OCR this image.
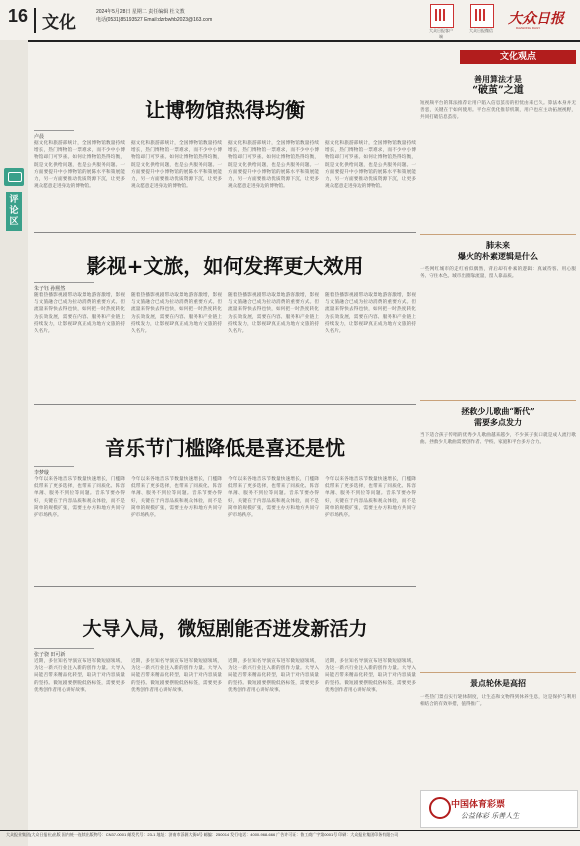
16 文化
2024年5月28日 星期二 责任编辑 杜文教
电话(0531)85193527 Email:dzrbwhb2023@163.com
大众日报客户端
大众日报微信
大众日报
DAZHONG DAILY
评论区
让博物馆热得均衡
卢晨
据文化和旅游部统计，全国博物馆数量持续增长，热门博物馆一票难求，而不少中小博物馆却门可罗雀。如何让博物馆热得均衡，既是文化供给问题，也是公共服务问题。一方面要提升中小博物馆的展陈水平和策展能力，另一方面要推动优质资源下沉，让更多观众愿意走进身边的博物馆。
据文化和旅游部统计，全国博物馆数量持续增长，热门博物馆一票难求，而不少中小博物馆却门可罗雀。如何让博物馆热得均衡，既是文化供给问题，也是公共服务问题。一方面要提升中小博物馆的展陈水平和策展能力，另一方面要推动优质资源下沉，让更多观众愿意走进身边的博物馆。
据文化和旅游部统计，全国博物馆数量持续增长，热门博物馆一票难求，而不少中小博物馆却门可罗雀。如何让博物馆热得均衡，既是文化供给问题，也是公共服务问题。一方面要提升中小博物馆的展陈水平和策展能力，另一方面要推动优质资源下沉，让更多观众愿意走进身边的博物馆。
据文化和旅游部统计，全国博物馆数量持续增长，热门博物馆一票难求，而不少中小博物馆却门可罗雀。如何让博物馆热得均衡，既是文化供给问题，也是公共服务问题。一方面要提升中小博物馆的展陈水平和策展能力，另一方面要推动优质资源下沉，让更多观众愿意走进身边的博物馆。
影视+文旅，如何发挥更大效用
朱子钰 孙熙然
随着热播影视剧带动取景地游客激增，影视与文旅融合已成为拉动消费的重要方式。但流量来得快去得也快，如何把一时热度转化为长效发展，需要在内容、服务和产业链上持续发力，让影视IP真正成为地方文旅的持久名片。
随着热播影视剧带动取景地游客激增，影视与文旅融合已成为拉动消费的重要方式。但流量来得快去得也快，如何把一时热度转化为长效发展，需要在内容、服务和产业链上持续发力，让影视IP真正成为地方文旅的持久名片。
随着热播影视剧带动取景地游客激增，影视与文旅融合已成为拉动消费的重要方式。但流量来得快去得也快，如何把一时热度转化为长效发展，需要在内容、服务和产业链上持续发力，让影视IP真正成为地方文旅的持久名片。
随着热播影视剧带动取景地游客激增，影视与文旅融合已成为拉动消费的重要方式。但流量来得快去得也快，如何把一时热度转化为长效发展，需要在内容、服务和产业链上持续发力，让影视IP真正成为地方文旅的持久名片。
音乐节门槛降低是喜还是忧
李梦璇
今年以来各地音乐节数量快速增长，门槛降低带来了更多选择，也带来了同质化、阵容单薄、服务不到位等问题。音乐节要办得好，关键在于内容品质和观众体验，而不是简单的规模扩张，需要主办方和地方共同守护市场秩序。
今年以来各地音乐节数量快速增长，门槛降低带来了更多选择，也带来了同质化、阵容单薄、服务不到位等问题。音乐节要办得好，关键在于内容品质和观众体验，而不是简单的规模扩张，需要主办方和地方共同守护市场秩序。
今年以来各地音乐节数量快速增长，门槛降低带来了更多选择，也带来了同质化、阵容单薄、服务不到位等问题。音乐节要办得好，关键在于内容品质和观众体验，而不是简单的规模扩张，需要主办方和地方共同守护市场秩序。
今年以来各地音乐节数量快速增长，门槛降低带来了更多选择，也带来了同质化、阵容单薄、服务不到位等问题。音乐节要办得好，关键在于内容品质和观众体验，而不是简单的规模扩张，需要主办方和地方共同守护市场秩序。
大导入局，微短剧能否迸发新活力
张子骁 田可新
近期，多位知名导演宣布进军微短剧领域，为这一新兴行业注入新的创作力量。大导入局能否带来精品化转型，取决于对内容质量的坚持。微短剧要摆脱低俗标签，需要更多优秀创作者用心讲好故事。
近期，多位知名导演宣布进军微短剧领域，为这一新兴行业注入新的创作力量。大导入局能否带来精品化转型，取决于对内容质量的坚持。微短剧要摆脱低俗标签，需要更多优秀创作者用心讲好故事。
近期，多位知名导演宣布进军微短剧领域，为这一新兴行业注入新的创作力量。大导入局能否带来精品化转型，取决于对内容质量的坚持。微短剧要摆脱低俗标签，需要更多优秀创作者用心讲好故事。
近期，多位知名导演宣布进军微短剧领域，为这一新兴行业注入新的创作力量。大导入局能否带来精品化转型，取决于对内容质量的坚持。微短剧要摆脱低俗标签，需要更多优秀创作者用心讲好故事。
文化观点
善用算法才是
“破茧”之道
短视频平台的算法推荐让用户陷入信息茧房的担忧由来已久。算法本身并无善恶，关键在于如何使用。平台应优化推荐机制，用户也应主动拓展视野，共同打破信息茧房。
肺未来
爆火的朴素逻辑是什么
一些网红城市的走红看似偶然，背后却有朴素的逻辑：真诚待客、用心服务、守住本色。城市出圈靠流量，留人靠品质。
拯救少儿歌曲“断代”
需要多点发力
当下适合孩子传唱的优秀少儿歌曲越来越少，不少孩子张口就是成人流行歌曲。拯救少儿歌曲需要创作者、学校、家庭和平台多方合力。
景点轮休是高招
一些热门景点实行轮休制度，让生态和文物得到休养生息，这是保护与利用相结合的有效举措，值得推广。
中国体育彩票
公益体彩 乐善人生
大众报业集团(大众日报社)出版 国内统一连续出版物号：CN37-0001 邮发代号：23-1 地址：济南市泺源大街6号 邮编：250014 发行电话：4000-968-666 广告许可证：鲁工商广字第0001号 印刷：大众报业集团印务有限公司
